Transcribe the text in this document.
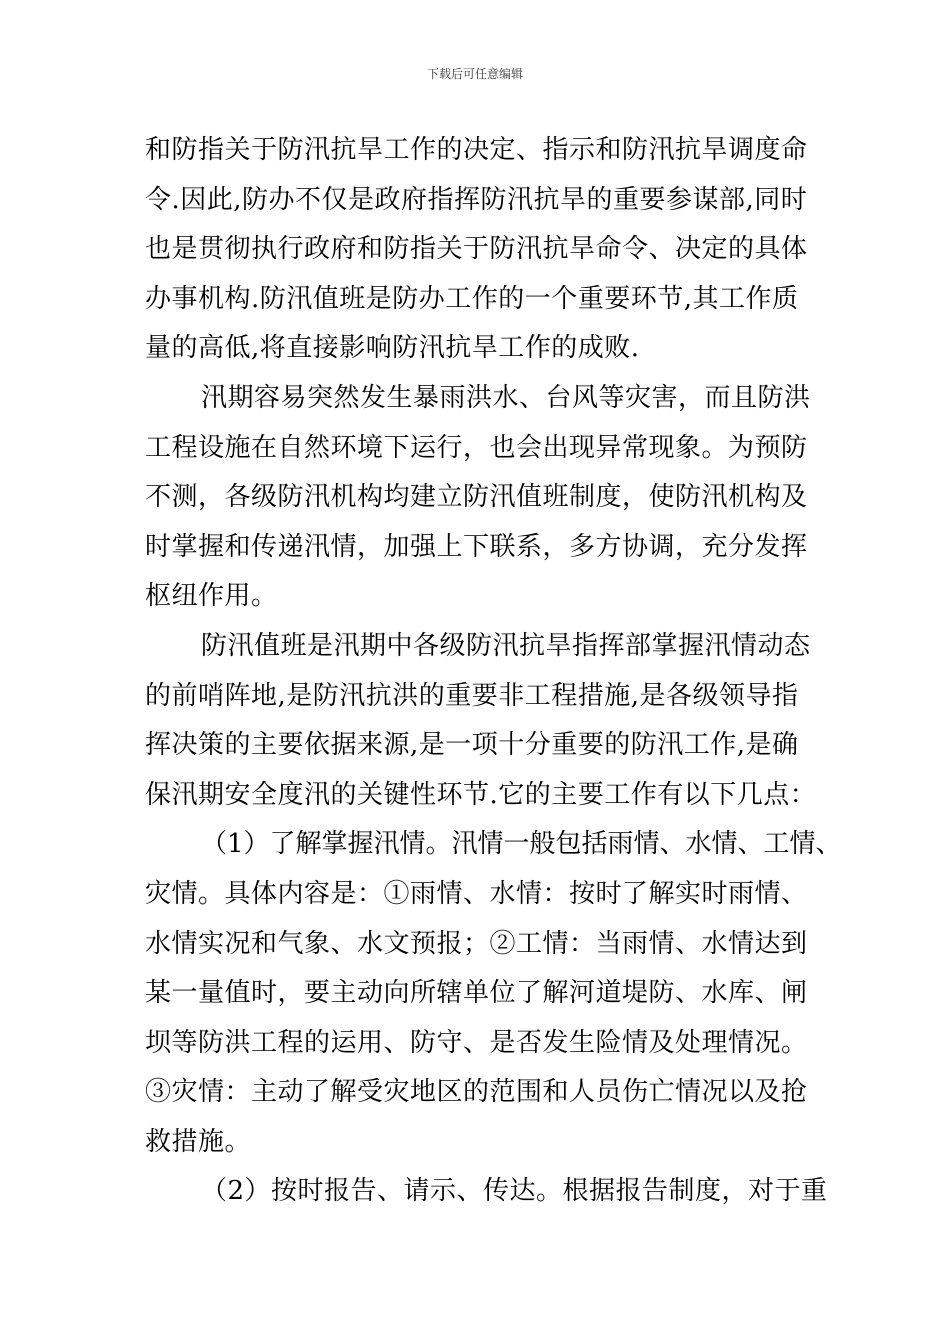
下载后可任意编辑
和防指关于防汛抗旱工作的决定、指示和防汛抗旱调度命
令.因此,防办不仅是政府指挥防汛抗旱的重要参谋部,同时
也是贯彻执行政府和防指关于防汛抗旱命令、决定的具体
办事机构.防汛值班是防办工作的一个重要环节,其工作质
量的高低,将直接影响防汛抗旱工作的成败.
汛期容易突然发生暴雨洪水、台风等灾害，而且防洪
工程设施在自然环境下运行，也会出现异常现象。为预防
不测，各级防汛机构均建立防汛值班制度，使防汛机构及
时掌握和传递汛情，加强上下联系，多方协调，充分发挥
枢纽作用。
防汛值班是汛期中各级防汛抗旱指挥部掌握汛情动态
的前哨阵地,是防汛抗洪的重要非工程措施,是各级领导指
挥决策的主要依据来源,是一项十分重要的防汛工作,是确
保汛期安全度汛的关键性环节.它的主要工作有以下几点：
（1）了解掌握汛情。汛情一般包括雨情、水情、工情、
灾情。具体内容是：①雨情、水情：按时了解实时雨情、
水情实况和气象、水文预报；②工情：当雨情、水情达到
某一量值时，要主动向所辖单位了解河道堤防、水库、闸
坝等防洪工程的运用、防守、是否发生险情及处理情况。
③灾情：主动了解受灾地区的范围和人员伤亡情况以及抢
救措施。
（2）按时报告、请示、传达。根据报告制度，对于重
